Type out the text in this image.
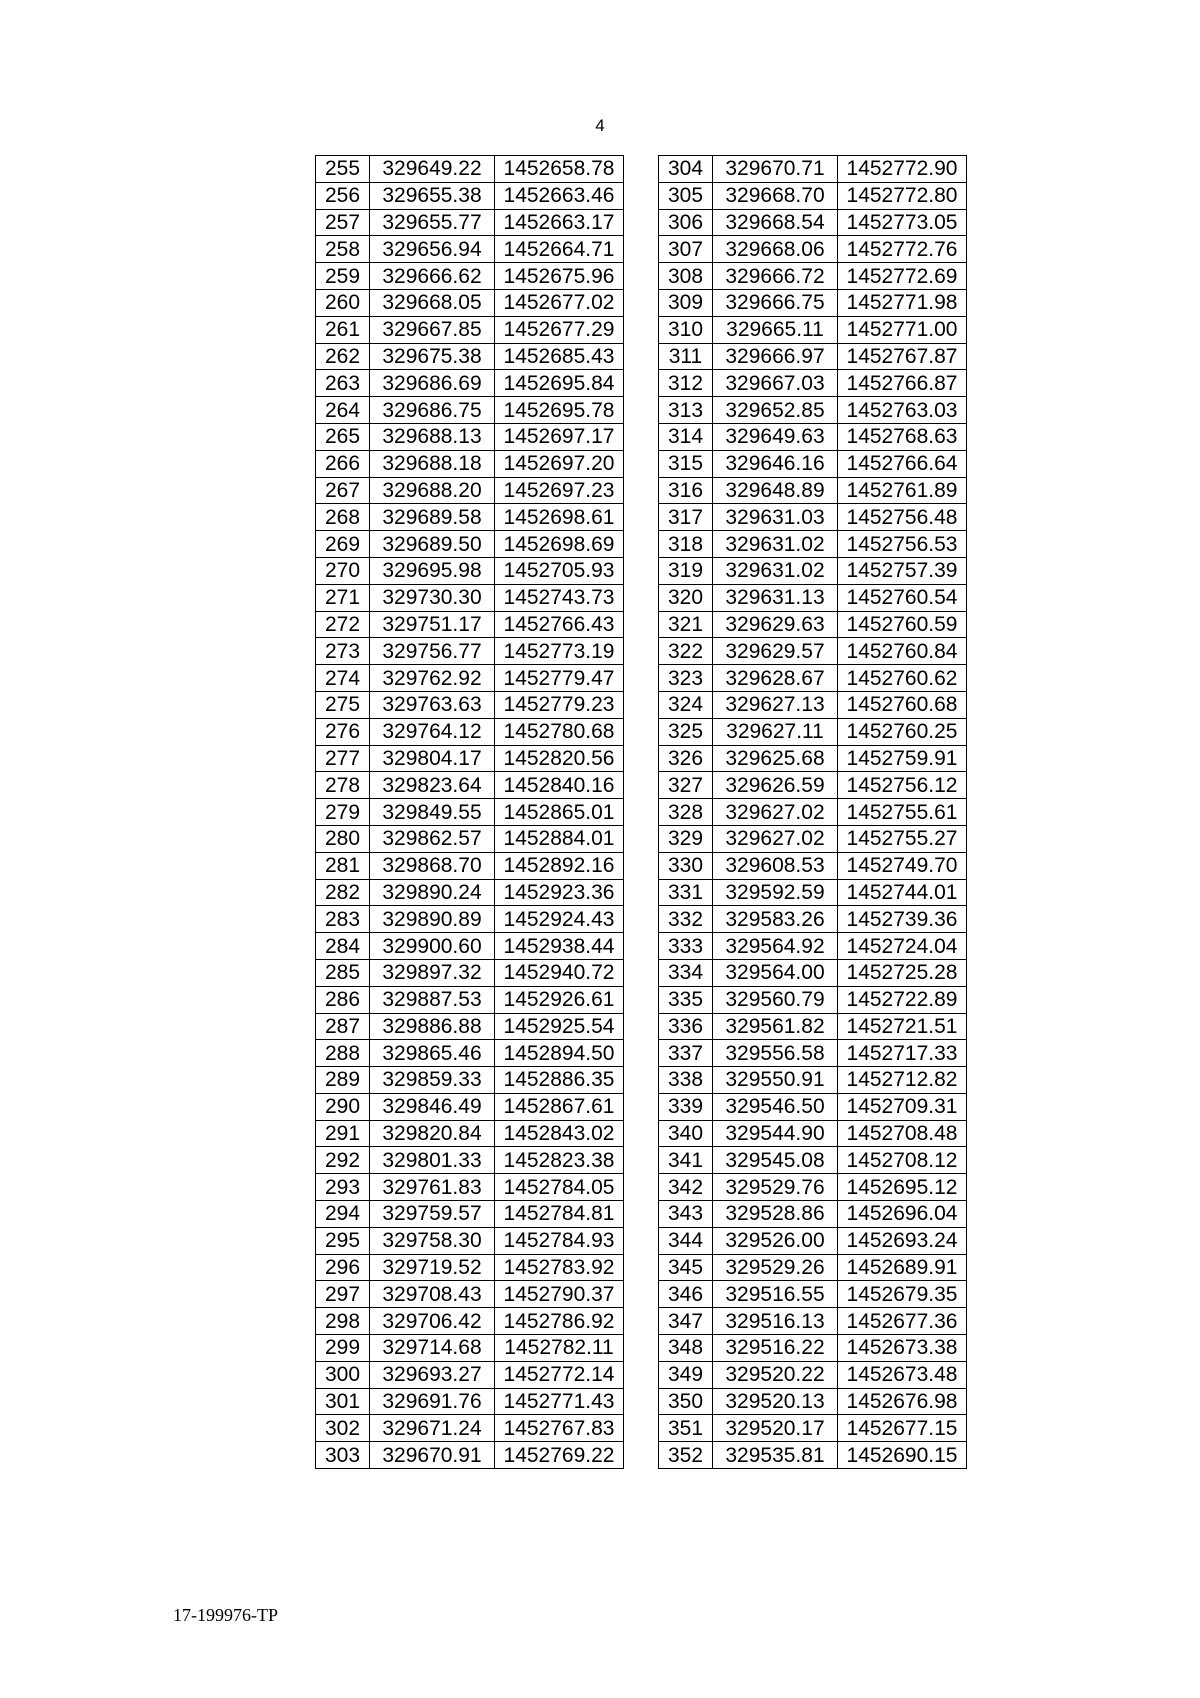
4
255	329649.22	1452658.78
256	329655.38	1452663.46
257	329655.77	1452663.17
258	329656.94	1452664.71
259	329666.62	1452675.96
260	329668.05	1452677.02
261	329667.85	1452677.29
262	329675.38	1452685.43
263	329686.69	1452695.84
264	329686.75	1452695.78
265	329688.13	1452697.17
266	329688.18	1452697.20
267	329688.20	1452697.23
268	329689.58	1452698.61
269	329689.50	1452698.69
270	329695.98	1452705.93
271	329730.30	1452743.73
272	329751.17	1452766.43
273	329756.77	1452773.19
274	329762.92	1452779.47
275	329763.63	1452779.23
276	329764.12	1452780.68
277	329804.17	1452820.56
278	329823.64	1452840.16
279	329849.55	1452865.01
280	329862.57	1452884.01
281	329868.70	1452892.16
282	329890.24	1452923.36
283	329890.89	1452924.43
284	329900.60	1452938.44
285	329897.32	1452940.72
286	329887.53	1452926.61
287	329886.88	1452925.54
288	329865.46	1452894.50
289	329859.33	1452886.35
290	329846.49	1452867.61
291	329820.84	1452843.02
292	329801.33	1452823.38
293	329761.83	1452784.05
294	329759.57	1452784.81
295	329758.30	1452784.93
296	329719.52	1452783.92
297	329708.43	1452790.37
298	329706.42	1452786.92
299	329714.68	1452782.11
300	329693.27	1452772.14
301	329691.76	1452771.43
302	329671.24	1452767.83
303	329670.91	1452769.22
304	329670.71	1452772.90
305	329668.70	1452772.80
306	329668.54	1452773.05
307	329668.06	1452772.76
308	329666.72	1452772.69
309	329666.75	1452771.98
310	329665.11	1452771.00
311	329666.97	1452767.87
312	329667.03	1452766.87
313	329652.85	1452763.03
314	329649.63	1452768.63
315	329646.16	1452766.64
316	329648.89	1452761.89
317	329631.03	1452756.48
318	329631.02	1452756.53
319	329631.02	1452757.39
320	329631.13	1452760.54
321	329629.63	1452760.59
322	329629.57	1452760.84
323	329628.67	1452760.62
324	329627.13	1452760.68
325	329627.11	1452760.25
326	329625.68	1452759.91
327	329626.59	1452756.12
328	329627.02	1452755.61
329	329627.02	1452755.27
330	329608.53	1452749.70
331	329592.59	1452744.01
332	329583.26	1452739.36
333	329564.92	1452724.04
334	329564.00	1452725.28
335	329560.79	1452722.89
336	329561.82	1452721.51
337	329556.58	1452717.33
338	329550.91	1452712.82
339	329546.50	1452709.31
340	329544.90	1452708.48
341	329545.08	1452708.12
342	329529.76	1452695.12
343	329528.86	1452696.04
344	329526.00	1452693.24
345	329529.26	1452689.91
346	329516.55	1452679.35
347	329516.13	1452677.36
348	329516.22	1452673.38
349	329520.22	1452673.48
350	329520.13	1452676.98
351	329520.17	1452677.15
352	329535.81	1452690.15
17-199976-TP
